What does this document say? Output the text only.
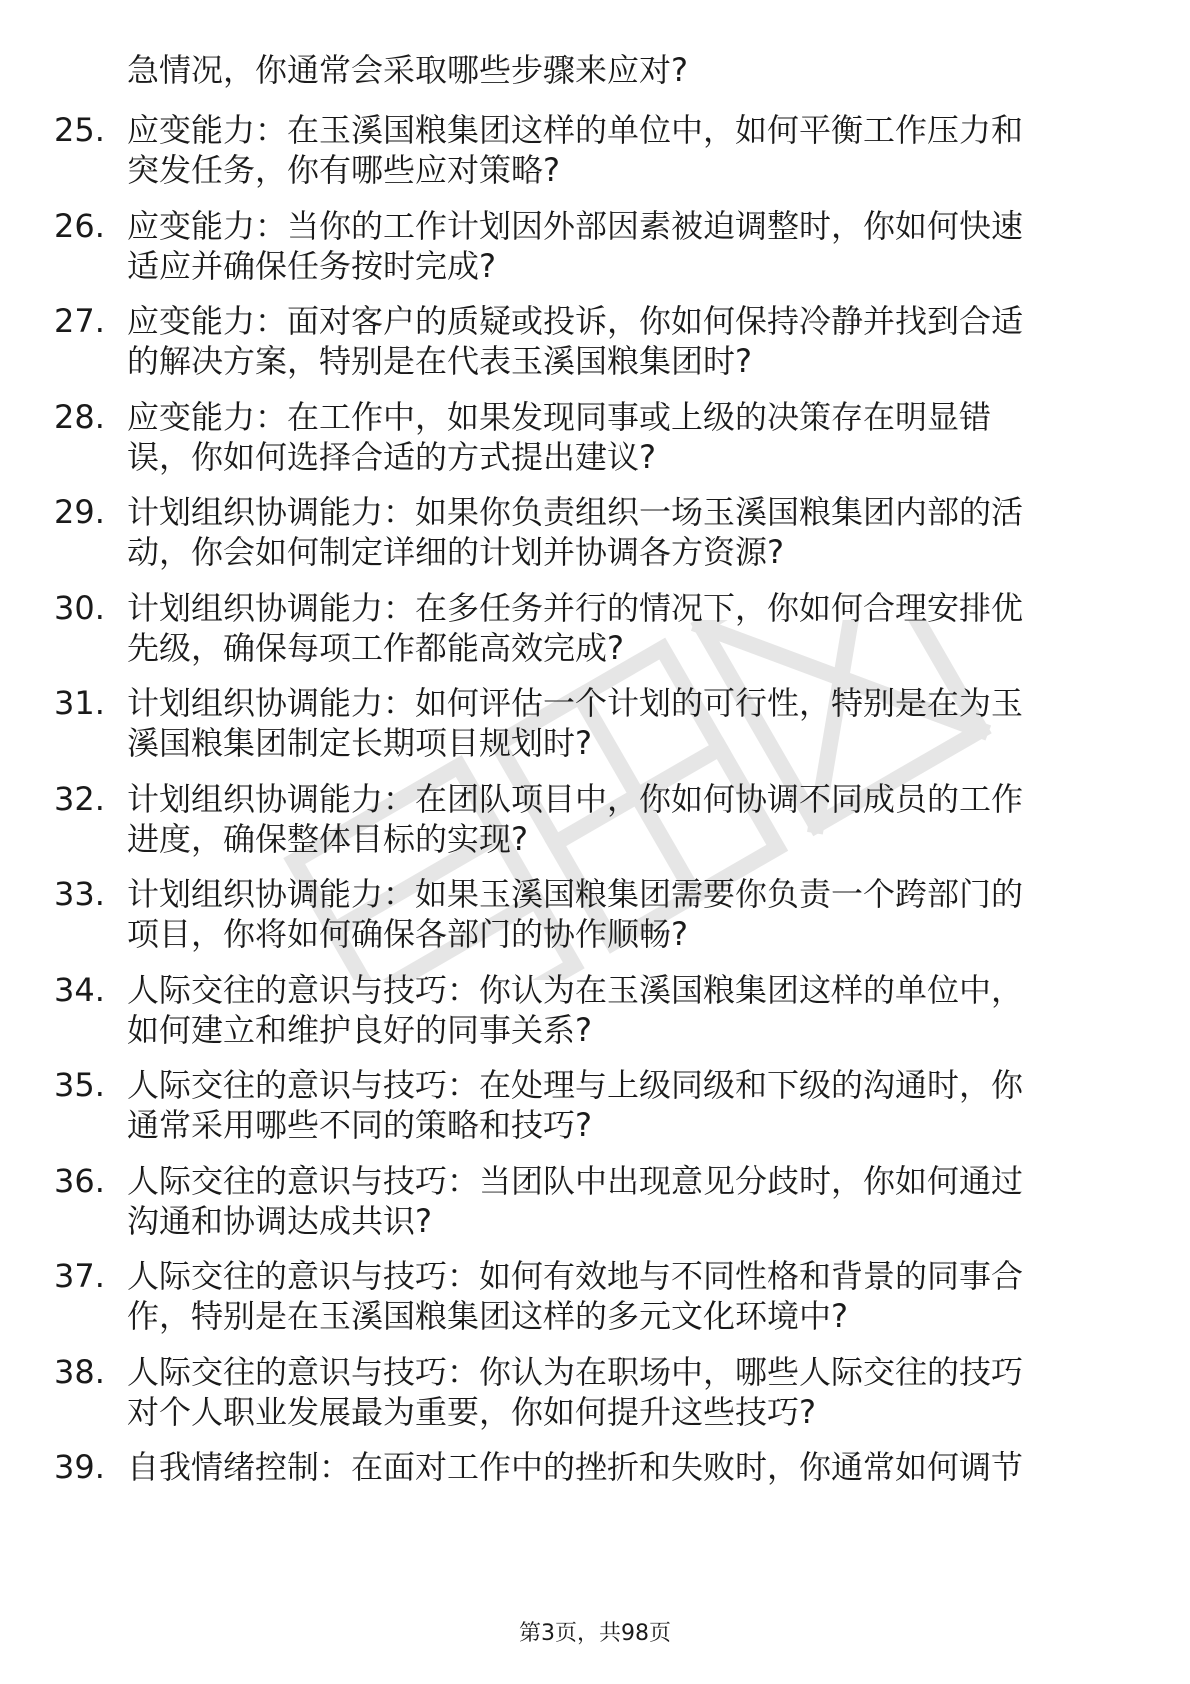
急情况，你通常会采取哪些步骤来应对?
25. 应变能力：在玉溪国粮集团这样的单位中，如何平衡工作压力和
突发任务，你有哪些应对策略?
26. 应变能力：当你的工作计划因外部因素被迫调整时，你如何快速
适应并确保任务按时完成?
27. 应变能力：面对客户的质疑或投诉，你如何保持冷静并找到合适
的解决方案，特别是在代表玉溪国粮集团时?
28. 应变能力：在工作中，如果发现同事或上级的决策存在明显错
误，你如何选择合适的方式提出建议?
29. 计划组织协调能力：如果你负责组织一场玉溪国粮集团内部的活
动，你会如何制定详细的计划并协调各方资源?
30. 计划组织协调能力：在多任务并行的情况下，你如何合理安排优
先级，确保每项工作都能高效完成?
31. 计划组织协调能力：如何评估一个计划的可行性，特别是在为玉
溪国粮集团制定长期项目规划时?
32. 计划组织协调能力：在团队项目中，你如何协调不同成员的工作
进度，确保整体目标的实现?
33. 计划组织协调能力：如果玉溪国粮集团需要你负责一个跨部门的
项目，你将如何确保各部门的协作顺畅?
34. 人际交往的意识与技巧：你认为在玉溪国粮集团这样的单位中，
如何建立和维护良好的同事关系?
35. 人际交往的意识与技巧：在处理与上级同级和下级的沟通时，你
通常采用哪些不同的策略和技巧?
36. 人际交往的意识与技巧：当团队中出现意见分歧时，你如何通过
沟通和协调达成共识?
37. 人际交往的意识与技巧：如何有效地与不同性格和背景的同事合
作，特别是在玉溪国粮集团这样的多元文化环境中?
38. 人际交往的意识与技巧：你认为在职场中，哪些人际交往的技巧
对个人职业发展最为重要，你如何提升这些技巧?
39. 自我情绪控制：在面对工作中的挫折和失败时，你通常如何调节
第3页，共98页
